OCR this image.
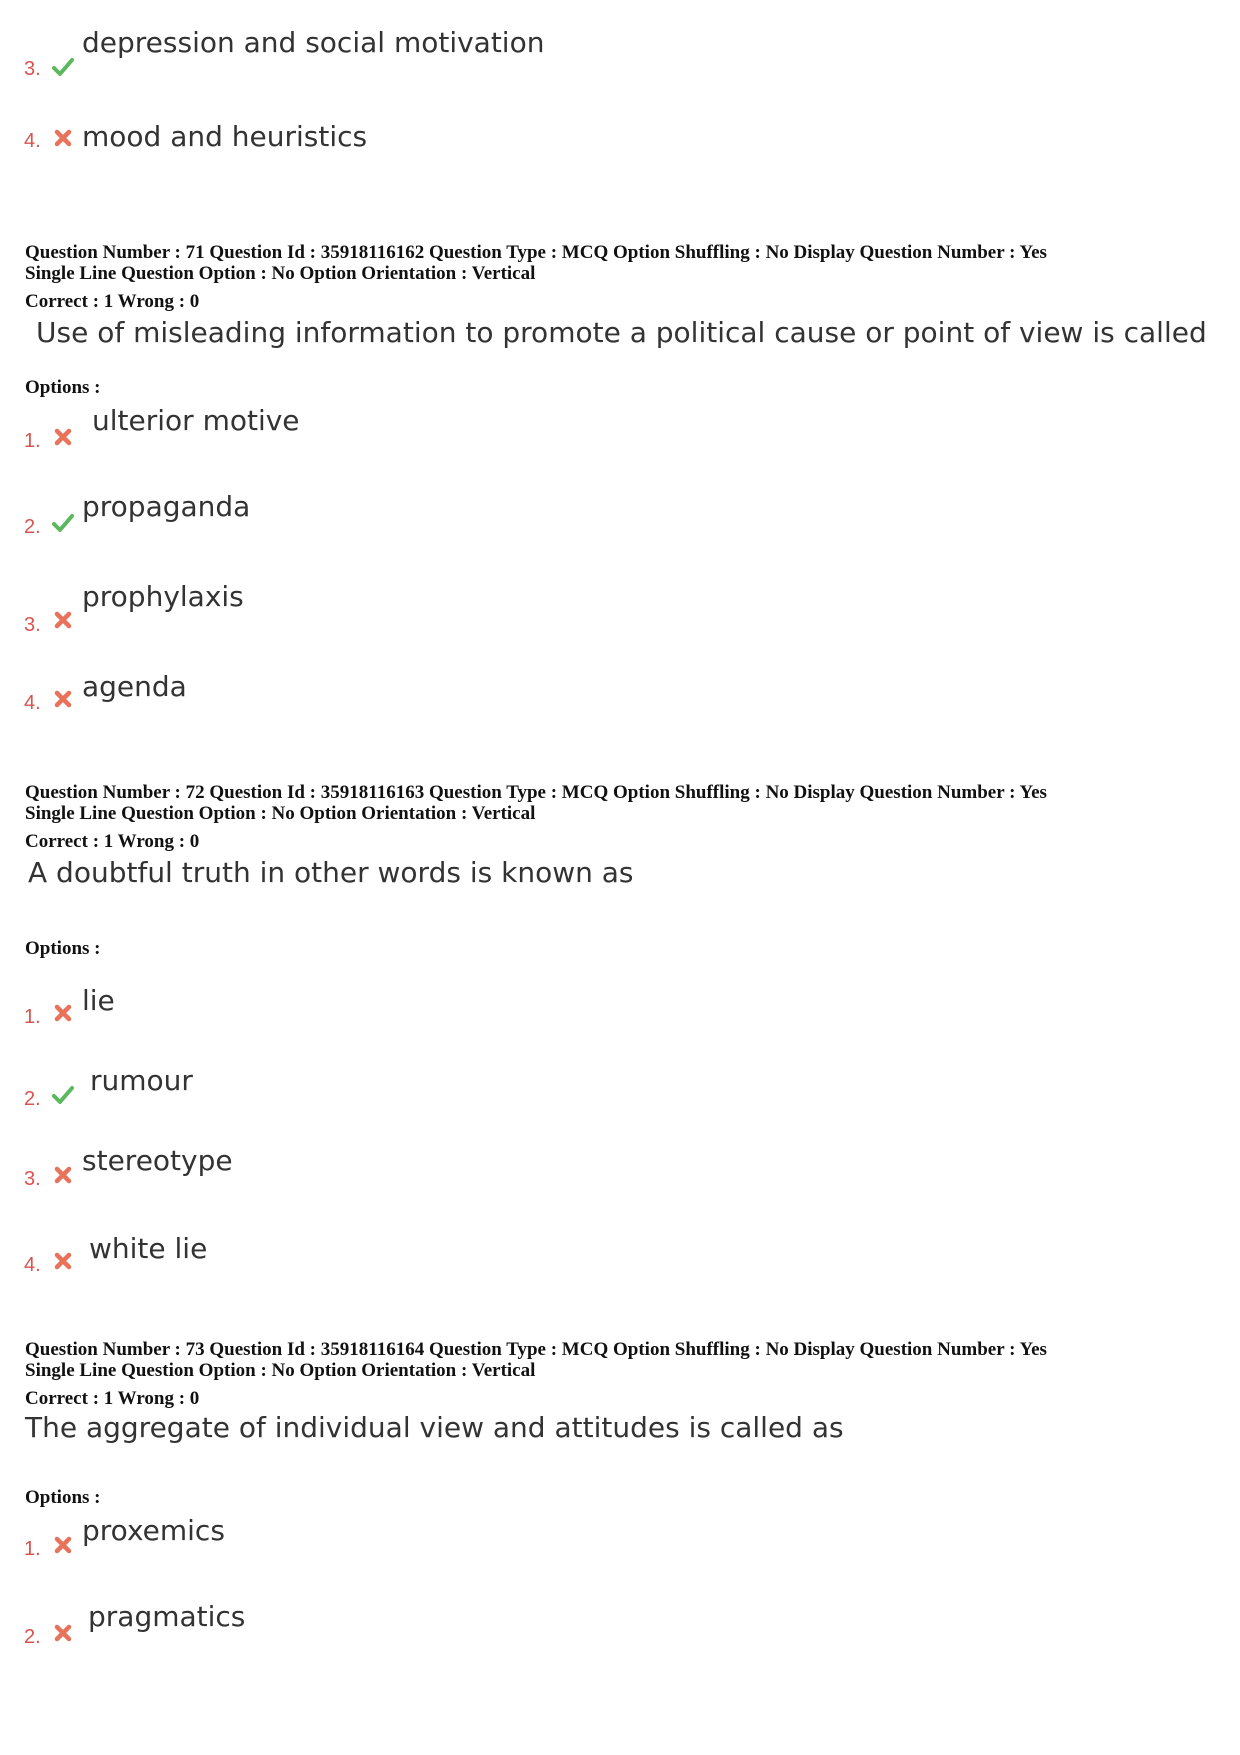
3.
depression and social motivation
4. mood and heuristics
Question Number : 71 Question Id : 35918116162 Question Type : MCQ Option Shuffling : No Display Question Number : Yes
Single Line Question Option : No Option Orientation : Vertical
Correct : 1 Wrong : 0
Use of misleading information to promote a political cause or point of view is called
Options :
1.
ulterior motive
2.
propaganda
3.
prophylaxis
4. agenda
Question Number : 72 Question Id : 35918116163 Question Type : MCQ Option Shuffling : No Display Question Number : Yes
Single Line Question Option : No Option Orientation : Vertical
Correct : 1 Wrong : 0
A doubtful truth in other words is known as
Options :
1. lie
2.
rumour
3.
stereotype
4. white lie
Question Number : 73 Question Id : 35918116164 Question Type : MCQ Option Shuffling : No Display Question Number : Yes
Single Line Question Option : No Option Orientation : Vertical
Correct : 1 Wrong : 0
The aggregate of individual view and attitudes is called as
Options :
1.
proxemics
2.
pragmatics
